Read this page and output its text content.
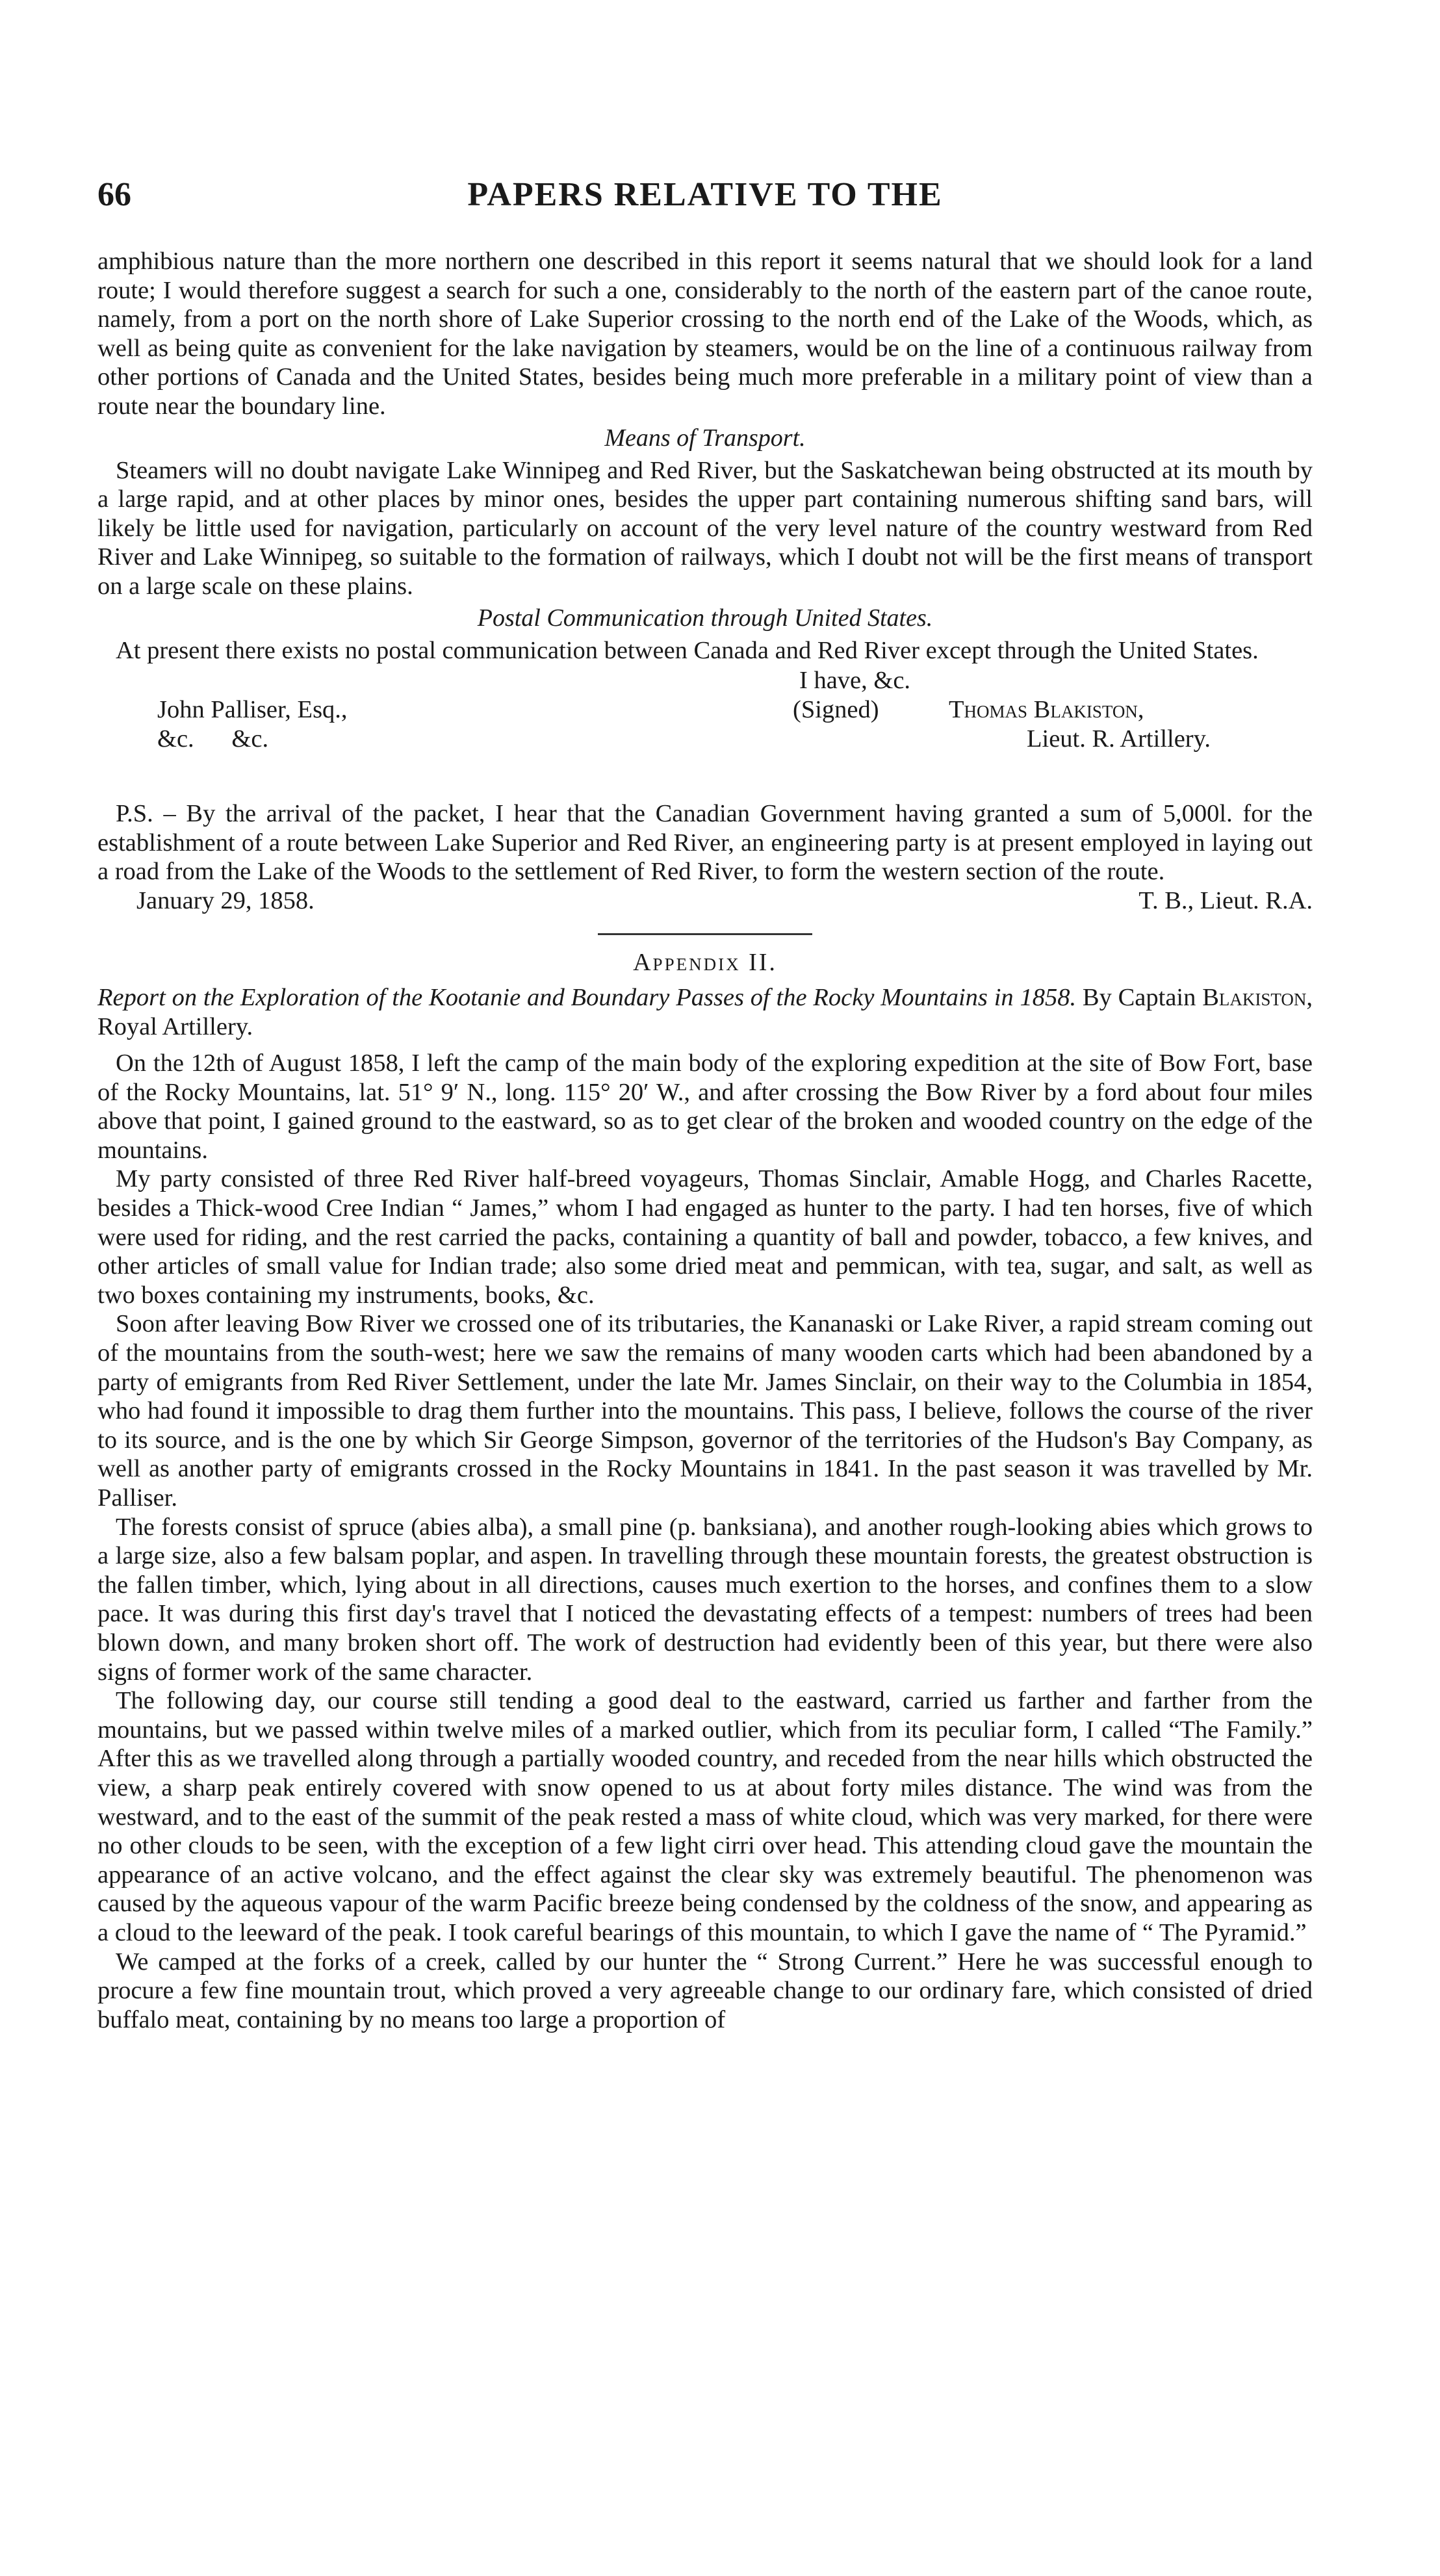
66	PAPERS RELATIVE TO THE

amphibious nature than the more northern one described in this report it seems natural that we should look for a land route; I would therefore suggest a search for such a one, considerably to the north of the eastern part of the canoe route, namely, from a port on the north shore of Lake Superior crossing to the north end of the Lake of the Woods, which, as well as being quite as convenient for the lake navigation by steamers, would be on the line of a continuous railway from other portions of Canada and the United States, besides being much more preferable in a military point of view than a route near the boundary line.

Means of Transport.

Steamers will no doubt navigate Lake Winnipeg and Red River, but the Saskatchewan being obstructed at its mouth by a large rapid, and at other places by minor ones, besides the upper part containing numerous shifting sand bars, will likely be little used for navigation, particularly on account of the very level nature of the country westward from Red River and Lake Winnipeg, so suitable to the formation of railways, which I doubt not will be the first means of transport on a large scale on these plains.

Postal Communication through United States.

At present there exists no postal communication between Canada and Red River except through the United States.

I have, &c.
John Palliser, Esq.,	(Signed)	Thomas Blakiston,
&c.      &c.	Lieut. R. Artillery.

P.S. – By the arrival of the packet, I hear that the Canadian Government having granted a sum of 5,000l. for the establishment of a route between Lake Superior and Red River, an engineering party is at present employed in laying out a road from the Lake of the Woods to the settlement of Red River, to form the western section of the route.

January 29, 1858.	T. B., Lieut. R.A.
Appendix II.
Report on the Exploration of the Kootanie and Boundary Passes of the Rocky Mountains in 1858. By Captain Blakiston, Royal Artillery.

On the 12th of August 1858, I left the camp of the main body of the exploring expedition at the site of Bow Fort, base of the Rocky Mountains, lat. 51° 9′ N., long. 115° 20′ W., and after crossing the Bow River by a ford about four miles above that point, I gained ground to the eastward, so as to get clear of the broken and wooded country on the edge of the mountains.

My party consisted of three Red River half-breed voyageurs, Thomas Sinclair, Amable Hogg, and Charles Racette, besides a Thick-wood Cree Indian “ James,” whom I had engaged as hunter to the party. I had ten horses, five of which were used for riding, and the rest carried the packs, containing a quantity of ball and powder, tobacco, a few knives, and other articles of small value for Indian trade; also some dried meat and pemmican, with tea, sugar, and salt, as well as two boxes containing my instruments, books, &c.

Soon after leaving Bow River we crossed one of its tributaries, the Kananaski or Lake River, a rapid stream coming out of the mountains from the south-west; here we saw the remains of many wooden carts which had been abandoned by a party of emigrants from Red River Settlement, under the late Mr. James Sinclair, on their way to the Columbia in 1854, who had found it impossible to drag them further into the mountains. This pass, I believe, follows the course of the river to its source, and is the one by which Sir George Simpson, governor of the territories of the Hudson's Bay Company, as well as another party of emigrants crossed in the Rocky Mountains in 1841. In the past season it was travelled by Mr. Palliser.

The forests consist of spruce (abies alba), a small pine (p. banksiana), and another rough-looking abies which grows to a large size, also a few balsam poplar, and aspen. In travelling through these mountain forests, the greatest obstruction is the fallen timber, which, lying about in all directions, causes much exertion to the horses, and confines them to a slow pace. It was during this first day's travel that I noticed the devastating effects of a tempest: numbers of trees had been blown down, and many broken short off. The work of destruction had evidently been of this year, but there were also signs of former work of the same character.

The following day, our course still tending a good deal to the eastward, carried us farther and farther from the mountains, but we passed within twelve miles of a marked outlier, which from its peculiar form, I called “The Family.” After this as we travelled along through a partially wooded country, and receded from the near hills which obstructed the view, a sharp peak entirely covered with snow opened to us at about forty miles distance. The wind was from the westward, and to the east of the summit of the peak rested a mass of white cloud, which was very marked, for there were no other clouds to be seen, with the exception of a few light cirri over head. This attending cloud gave the mountain the appearance of an active volcano, and the effect against the clear sky was extremely beautiful. The phenomenon was caused by the aqueous vapour of the warm Pacific breeze being condensed by the coldness of the snow, and appearing as a cloud to the leeward of the peak. I took careful bearings of this mountain, to which I gave the name of “ The Pyramid.”

We camped at the forks of a creek, called by our hunter the “ Strong Current.” Here he was successful enough to procure a few fine mountain trout, which proved a very agreeable change to our ordinary fare, which consisted of dried buffalo meat, containing by no means too large a proportion of
